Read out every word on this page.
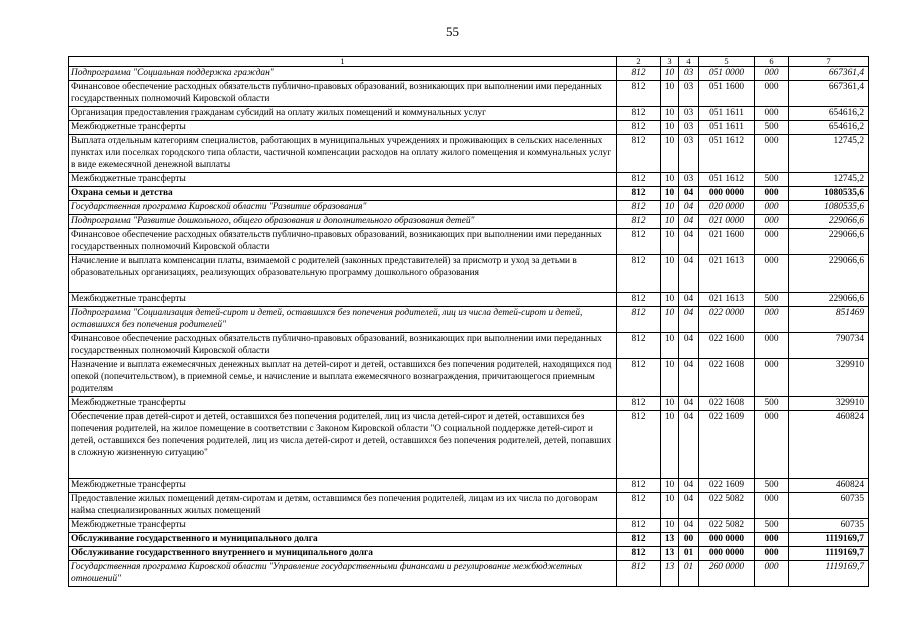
55
1	2	3	4	5	6	7
Подпрограмма "Социальная поддержка граждан"	812	10	03	051 0000	000	667361,4
Финансовое обеспечение расходных обязательств публично-правовых образований, возникающих при выполнении ими переданных государственных полномочий Кировской области	812	10	03	051 1600	000	667361,4
Организация предоставления гражданам субсидий на оплату жилых помещений и коммунальных услуг	812	10	03	051 1611	000	654616,2
Межбюджетные трансферты	812	10	03	051 1611	500	654616,2
Выплата отдельным категориям специалистов, работающих в муниципальных учреждениях и проживающих в сельских населенных пунктах или поселках городского типа области, частичной компенсации расходов на оплату жилого помещения и коммунальных услуг в виде ежемесячной денежной выплаты	812	10	03	051 1612	000	12745,2
Межбюджетные трансферты	812	10	03	051 1612	500	12745,2
Охрана семьи и детства	812	10	04	000 0000	000	1080535,6
Государственная программа Кировской области "Развитие образования"	812	10	04	020 0000	000	1080535,6
Подпрограмма "Развитие дошкольного, общего образования и дополнительного образования детей"	812	10	04	021 0000	000	229066,6
Финансовое обеспечение расходных обязательств публично-правовых образований, возникающих при выполнении ими переданных государственных полномочий Кировской области	812	10	04	021 1600	000	229066,6
Начисление и выплата компенсации платы, взимаемой с родителей (законных представителей) за присмотр и уход за детьми в образовательных организациях, реализующих образовательную программу дошкольного образования	812	10	04	021 1613	000	229066,6
Межбюджетные трансферты	812	10	04	021 1613	500	229066,6
Подпрограмма "Социализация детей-сирот и детей, оставшихся без попечения родителей, лиц из числа детей-сирот и детей, оставшихся без попечения родителей"	812	10	04	022 0000	000	851469
Финансовое обеспечение расходных обязательств публично-правовых образований, возникающих при выполнении ими переданных государственных полномочий Кировской области	812	10	04	022 1600	000	790734
Назначение и выплата ежемесячных денежных выплат на детей-сирот и детей, оставшихся без попечения родителей, находящихся под опекой (попечительством), в приемной семье, и начисление и выплата ежемесячного вознаграждения, причитающегося приемным родителям	812	10	04	022 1608	000	329910
Межбюджетные трансферты	812	10	04	022 1608	500	329910
Обеспечение прав детей-сирот и детей, оставшихся без попечения родителей, лиц из числа детей-сирот и детей, оставшихся без попечения родителей, на жилое помещение в соответствии с Законом Кировской области "О социальной поддержке детей-сирот и детей, оставшихся без попечения родителей, лиц из числа детей-сирот и детей, оставшихся без попечения родителей, детей, попавших в сложную жизненную ситуацию"	812	10	04	022 1609	000	460824
Межбюджетные трансферты	812	10	04	022 1609	500	460824
Предоставление жилых помещений детям-сиротам и детям, оставшимся без попечения родителей, лицам из их числа по договорам найма специализированных жилых помещений	812	10	04	022 5082	000	60735
Межбюджетные трансферты	812	10	04	022 5082	500	60735
Обслуживание государственного и муниципального долга	812	13	00	000 0000	000	1119169,7
Обслуживание государственного внутреннего и муниципального долга	812	13	01	000 0000	000	1119169,7
Государственная программа Кировской области "Управление государственными финансами и регулирование межбюджетных отношений"	812	13	01	260 0000	000	1119169,7
